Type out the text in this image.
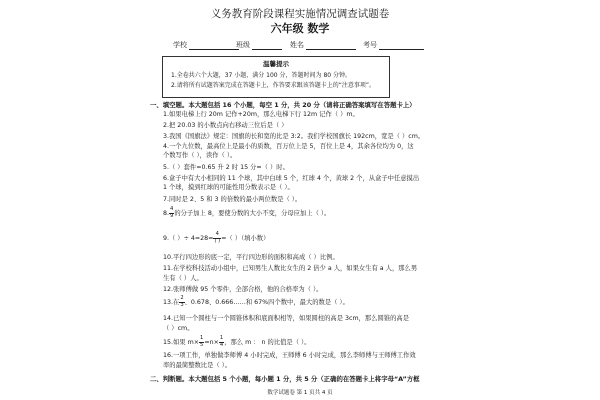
义务教育阶段课程实施情况调查试题卷
六年级 数学
学校	班级	姓名	考号
温馨提示
1.全卷共六个大题，37 小题，满分 100 分，答题时间为 80 分钟。
2.请将所有试题答案完成在答题卡上，作答要求跟该答题卡上的“注意事项”。
一、填空题。本大题包括 16 个小题，每空 1 分，共 20 分（请将正确答案填写在答题卡上）
1.如果电梯上行 20m 记作+20m，那么电梯下行 12m 记作（ ）m。
2.把 20.03 的小数点向右移动三位后是（ ）
3.我国《国旗法》规定：国旗的长和宽的比是 3:2。我们学校国旗长 192cm，宽是（ ）cm。
4.一个九位数，最高位上是最小的质数，百万位上是 5，百位上是 4，其余各位均为 0，这
个数写作（ ），读作（ ）。
5.（ ）套件=0.65 升 2 时 15 分=（ ）时。
6.盒子中有大小相同的 11 个球，其中白球 5 个，红球 4 个，黄球 2 个，从盒子中任意摸出
1 个球，摸到红球的可能性用分数表示是（ ）。
7.同时是 2、5 和 3 的倍数的最小两位数是（ ）。
8. $\frac{4}{9}$ 的分子加上 8，要使分数的大小不变，分母应加上（ ）。
9.（ ）÷ $4=28= \frac{4}{( )}$ =（ ）（填小数）
10.平行四边形的底一定，平行四边形的面积和高成（ ）比例。
11.在学校科技活动小组中，已知男生人数比女生的 2 倍少 a 人，如果女生有 a 人，那么男
生有（ ）人。
12.张师傅做 95 个零件，全部合格，他的合格率为（ ）。
13.在 $\frac{2}{3}$ 、0.678、0.666……和 67%四个数中，最大的数是（ ）。
14.已知一个圆柱与一个圆锥体积和底面积相等，如果圆柱的高是 3cm，那么圆锥的高是
（ ）cm。
15.如果 $m\times \frac{1}{5} =n\times \frac{1}{4}$ ，那么 m ： n 的比值是（ ）。
16.一项工作，单独做李师傅 4 小时完成，王师傅 6 小时完成，那么李师傅与王师傅工作效
率的最简整数比是（ ）。
二、判断题。本大题包括 5 个小题，每小题 1 分，共 5 分（正确的在答题卡上将字母“A”方框
数学试题卷 第 1 页共 4 页
